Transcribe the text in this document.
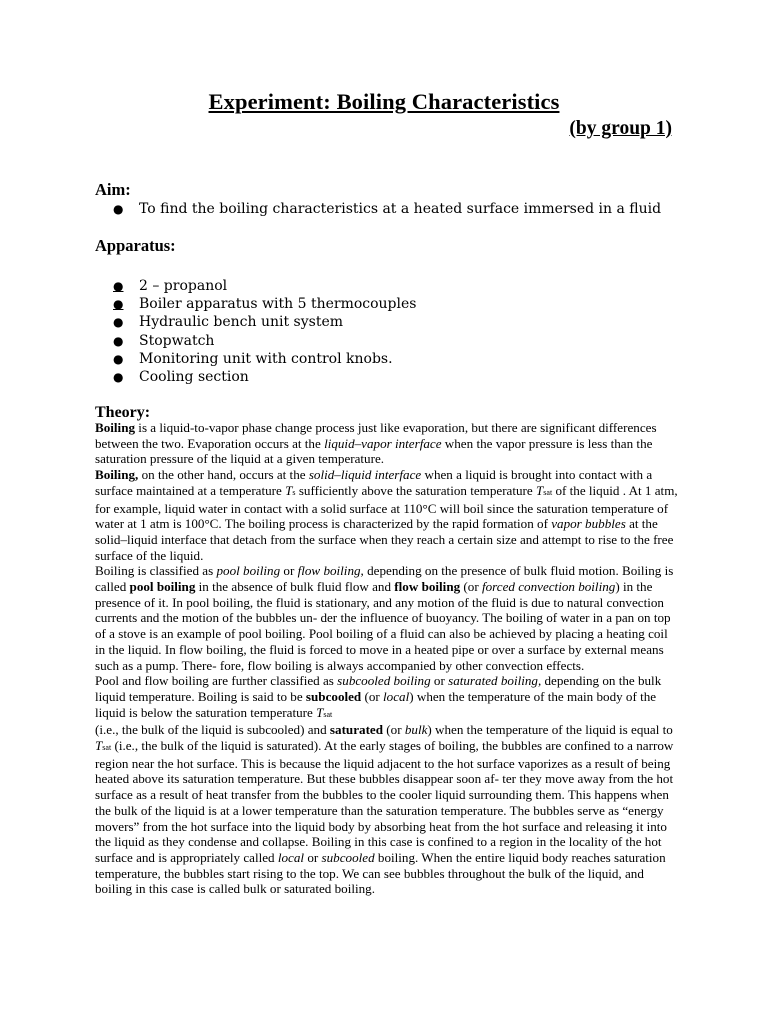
Experiment: Boiling Characteristics
(by group 1)
Aim:
● To find the boiling characteristics at a heated surface immersed in a fluid
Apparatus:
●	2 – propanol
●	Boiler apparatus with 5 thermocouples
● Hydraulic bench unit system
● Stopwatch
● Monitoring unit with control knobs.
● Cooling section
Theory:

Boiling is a liquid-to-vapor phase change process just like evaporation, but there are significant differences between the two. Evaporation occurs at the liquid–vapor interface when the vapor pressure is less than the saturation pressure of the liquid at a given temperature.

Boiling, on the other hand, occurs at the solid–liquid interface when a liquid is brought into contact with a surface maintained at a temperature Ts sufficiently above the saturation temperature Tsat of the liquid . At 1 atm, for example, liquid water in contact with a solid surface at 110°C will boil since the saturation temperature of water at 1 atm is 100°C. The boiling process is characterized by the rapid formation of vapor bubbles at the solid–liquid interface that detach from the surface when they reach a certain size and attempt to rise to the free surface of the liquid.

Boiling is classified as pool boiling or flow boiling, depending on the presence of bulk fluid motion. Boiling is called pool boiling in the absence of bulk fluid flow and flow boiling (or forced convection boiling) in the presence of it. In pool boiling, the fluid is stationary, and any motion of the fluid is due to natural convection currents and the motion of the bubbles un- der the influence of buoyancy. The boiling of water in a pan on top of a stove is an example of pool boiling. Pool boiling of a fluid can also be achieved by placing a heating coil in the liquid. In flow boiling, the fluid is forced to move in a heated pipe or over a surface by external means such as a pump. There- fore, flow boiling is always accompanied by other convection effects.

Pool and flow boiling are further classified as subcooled boiling or saturated boiling, depending on the bulk liquid temperature. Boiling is said to be subcooled (or local) when the temperature of the main body of the liquid is below the saturation temperature Tsat

(i.e., the bulk of the liquid is subcooled) and saturated (or bulk) when the temperature of the liquid is equal to Tsat (i.e., the bulk of the liquid is saturated). At the early stages of boiling, the bubbles are confined to a narrow region near the hot surface. This is because the liquid adjacent to the hot surface vaporizes as a result of being heated above its saturation temperature. But these bubbles disappear soon af- ter they move away from the hot surface as a result of heat transfer from the bubbles to the cooler liquid surrounding them. This happens when the bulk of the liquid is at a lower temperature than the saturation temperature. The bubbles serve as “energy movers” from the hot surface into the liquid body by absorbing heat from the hot surface and releasing it into the liquid as they condense and collapse. Boiling in this case is confined to a region in the locality of the hot surface and is appropriately called local or subcooled boiling. When the entire liquid body reaches saturation temperature, the bubbles start rising to the top. We can see bubbles throughout the bulk of the liquid, and boiling in this case is called bulk or saturated boiling.
